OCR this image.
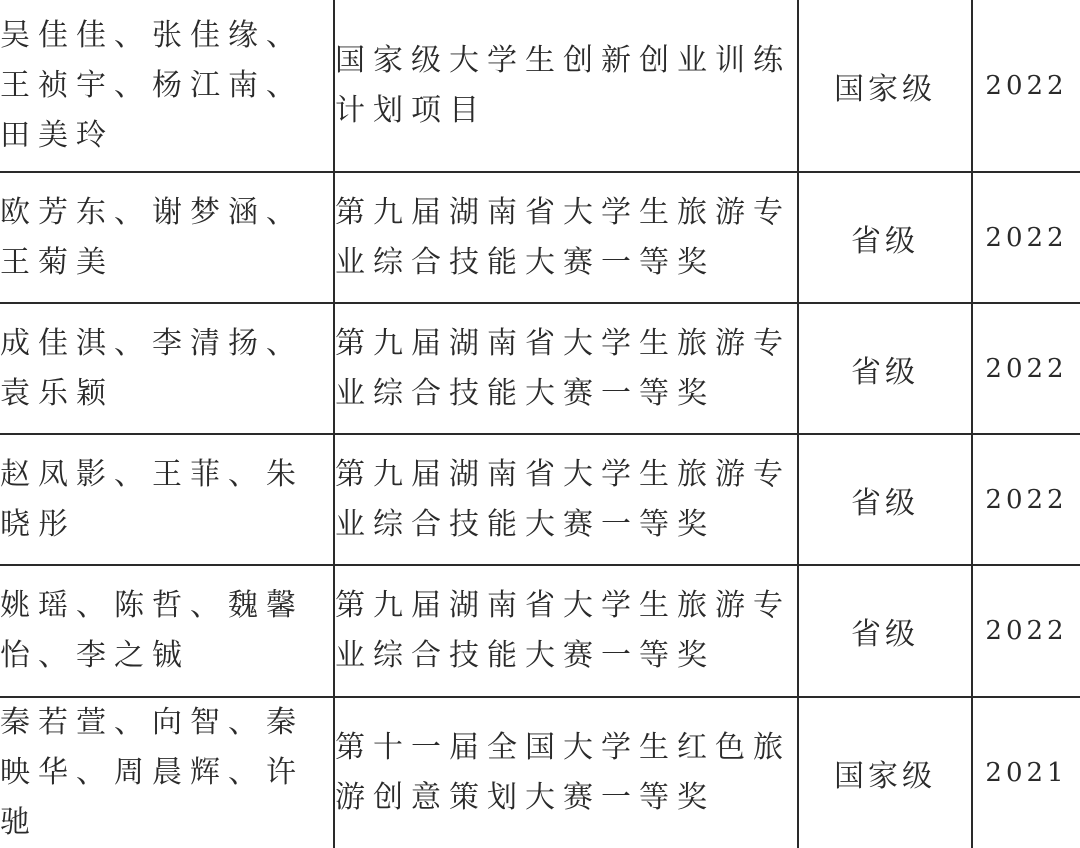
吴佳佳、张佳缘、王祯宇、杨江南、田美玲	国家级大学生创新创业训练计划项目	国家级	2022
欧芳东、谢梦涵、王菊美	第九届湖南省大学生旅游专业综合技能大赛一等奖	省级	2022
成佳淇、李清扬、袁乐颖	第九届湖南省大学生旅游专业综合技能大赛一等奖	省级	2022
赵凤影、王菲、朱晓彤	第九届湖南省大学生旅游专业综合技能大赛一等奖	省级	2022
姚瑶、陈哲、魏馨怡、李之铖	第九届湖南省大学生旅游专业综合技能大赛一等奖	省级	2022
秦若萱、向智、秦映华、周晨辉、许驰	第十一届全国大学生红色旅游创意策划大赛一等奖	国家级	2021
